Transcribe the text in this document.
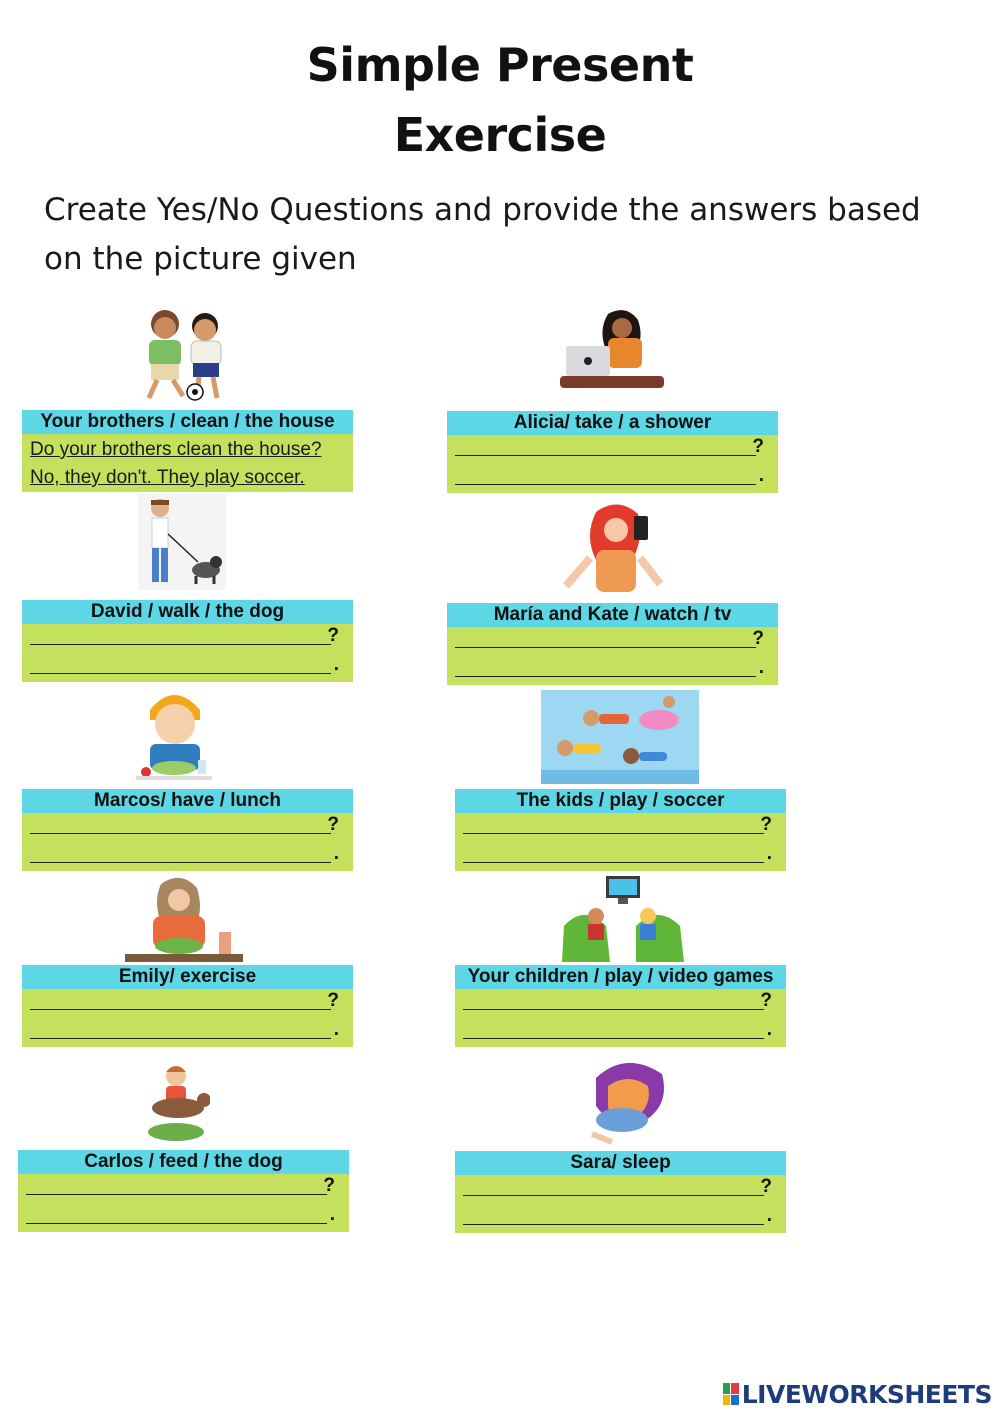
Simple Present
Exercise
Create Yes/No Questions and provide the answers based on the picture given
Your brothers / clean / the house
Do your brothers clean the house?
No, they don't. They play soccer.
Alicia/ take / a shower
?
.
David / walk / the dog
?
.
María and Kate / watch / tv
?
.
Marcos/ have / lunch
?
.
The kids / play / soccer
?
.
Emily/ exercise
?
.
Your children / play / video games
?
.
Carlos / feed / the dog
?
.
Sara/ sleep
?
.
LIVEWORKSHEETS
